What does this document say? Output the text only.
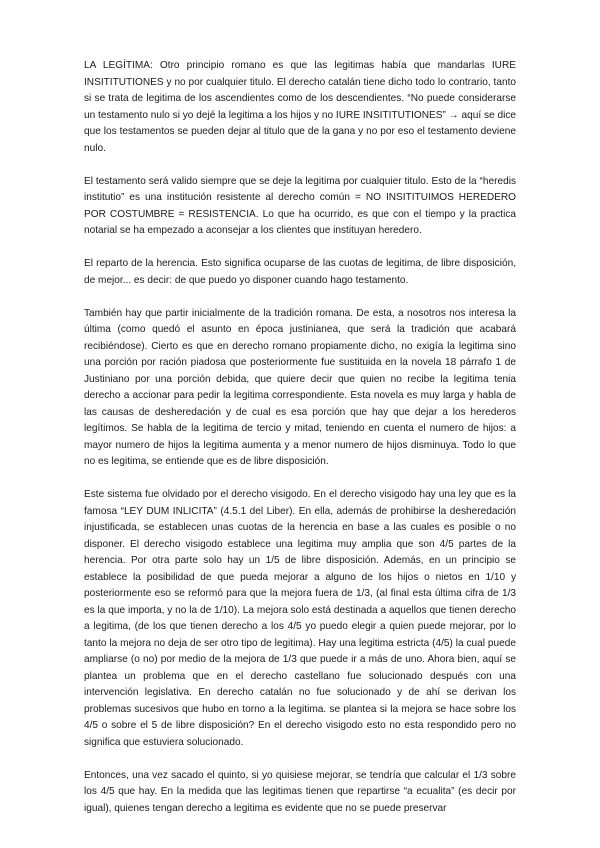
LA LEGÍTIMA: Otro principio romano es que las legitimas había que mandarlas IURE INSITITUTIONES y no por cualquier titulo. El derecho catalán tiene dicho todo lo contrario, tanto si se trata de legitima de los ascendientes como de los descendientes. “No puede considerarse un testamento nulo si yo dejé la legitima a los hijos y no IURE INSITITUTIONES” → aquí se dice que los testamentos se pueden dejar al titulo que de la gana y no por eso el testamento deviene nulo.

El testamento será valido siempre que se deje la legitima por cualquier titulo. Esto de la “heredis institutio” es una institución resistente al derecho común = NO INSITITUIMOS HEREDERO POR COSTUMBRE = RESISTENCIA. Lo que ha ocurrido, es que con el tiempo y la practica notarial se ha empezado a aconsejar a los clientes que instituyan heredero.

El reparto de la herencia. Esto significa ocuparse de las cuotas de legitima, de libre disposición, de mejor... es decir: de que puedo yo disponer cuando hago testamento.

También hay que partir inicialmente de la tradición romana. De esta, a nosotros nos interesa la última (como quedó el asunto en época justinianea, que será la tradición que acabará recibiéndose). Cierto es que en derecho romano propiamente dicho, no exigía la legitima sino una porción por ración piadosa que posteriormente fue sustituida en la novela 18 párrafo 1 de Justiniano por una porción debida, que quiere decir que quien no recibe la legitima tenia derecho a accionar para pedir la legitima correspondiente. Esta novela es muy larga y habla de las causas de desheredación y de cual es esa porción que hay que dejar a los herederos legítimos. Se habla de la legitima de tercio y mitad, teniendo en cuenta el numero de hijos: a mayor numero de hijos la legitima aumenta y a menor numero de hijos disminuya. Todo lo que no es legitima, se entiende que es de libre disposición.

Este sistema fue olvidado por el derecho visigodo. En el derecho visigodo hay una ley que es la famosa “LEY DUM INLICITA” (4.5.1 del Liber). En ella, además de prohibirse la desheredación injustificada, se establecen unas cuotas de la herencia en base a las cuales es posible o no disponer. El derecho visigodo establece una legitima muy amplia que son 4/5 partes de la herencia. Por otra parte solo hay un 1/5 de libre disposición. Además, en un principio se establece la posibilidad de que pueda mejorar a alguno de los hijos o nietos en 1/10 y posteriormente eso se reformó para que la mejora fuera de 1/3, (al final esta última cifra de 1/3 es la que importa, y no la de 1/10). La mejora solo está destinada a aquellos que tienen derecho a legitima, (de los que tienen derecho a los 4/5 yo puedo elegir a quien puede mejorar, por lo tanto la mejora no deja de ser otro tipo de legitima). Hay una legitima estricta (4/5) la cual puede ampliarse (o no) por medio de la mejora de 1/3 que puede ir a más de uno. Ahora bien, aquí se plantea un problema que en el derecho castellano fue solucionado después con una intervención legislativa. En derecho catalán no fue solucionado y de ahí se derivan los problemas sucesivos que hubo en torno a la legitima. se plantea si la mejora se hace sobre los 4/5 o sobre el 5 de libre disposición? En el derecho visigodo esto no esta respondido pero no significa que estuviera solucionado.

Entonces, una vez sacado el quinto, si yo quisiese mejorar, se tendría que calcular el 1/3 sobre los 4/5 que hay. En la medida que las legitimas tienen que repartirse “a ecualita” (es decir por igual), quienes tengan derecho a legitima es evidente que no se puede preservar
